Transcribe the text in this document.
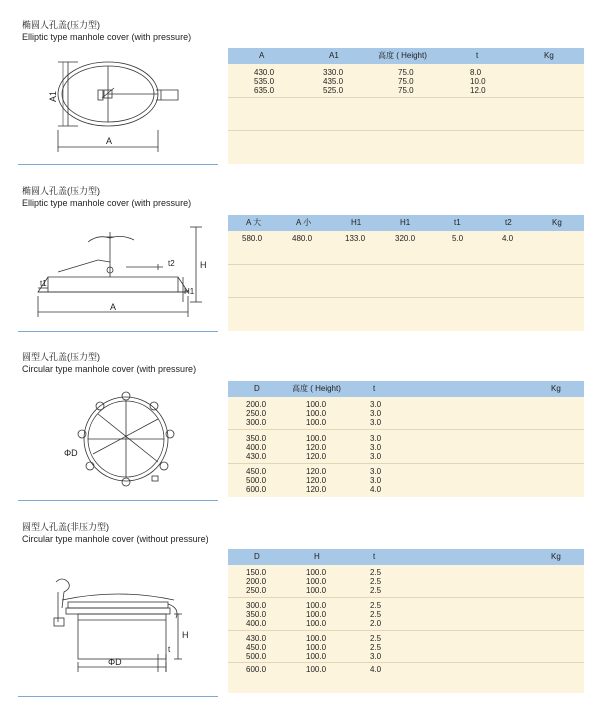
椭圆人孔盖(压力型)
Elliptic type manhole cover (with pressure)
A1
A
A	A1	高度 ( Height)	t	Kg
430.0	330.0	75.0	8.0
535.0	435.0	75.0	10.0
635.0	525.0	75.0	12.0
椭圆人孔盖(压力型)
Elliptic type manhole cover (with pressure)
t2	H
H1
t1
A
A 大	A 小	H1	H1	t1	t2	Kg
580.0	480.0	133.0	320.0	5.0	4.0
圆型人孔盖(压力型)
Circular type manhole cover (with pressure)
ΦD
D	高度 ( Height)	t	Kg
200.0	100.0	3.0
250.0	100.0	3.0
300.0	100.0	3.0
350.0	100.0	3.0
400.0	120.0	3.0
430.0	120.0	3.0
450.0	120.0	3.0
500.0	120.0	3.0
600.0	120.0	4.0
圆型人孔盖(非压力型)
Circular type manhole cover (without pressure)
H
ΦD
t
D	H	t	Kg
150.0	100.0	2.5
200.0	100.0	2.5
250.0	100.0	2.5
300.0	100.0	2.5
350.0	100.0	2.5
400.0	100.0	2.0
430.0	100.0	2.5
450.0	100.0	2.5
500.0	100.0	3.0
600.0	100.0	4.0
